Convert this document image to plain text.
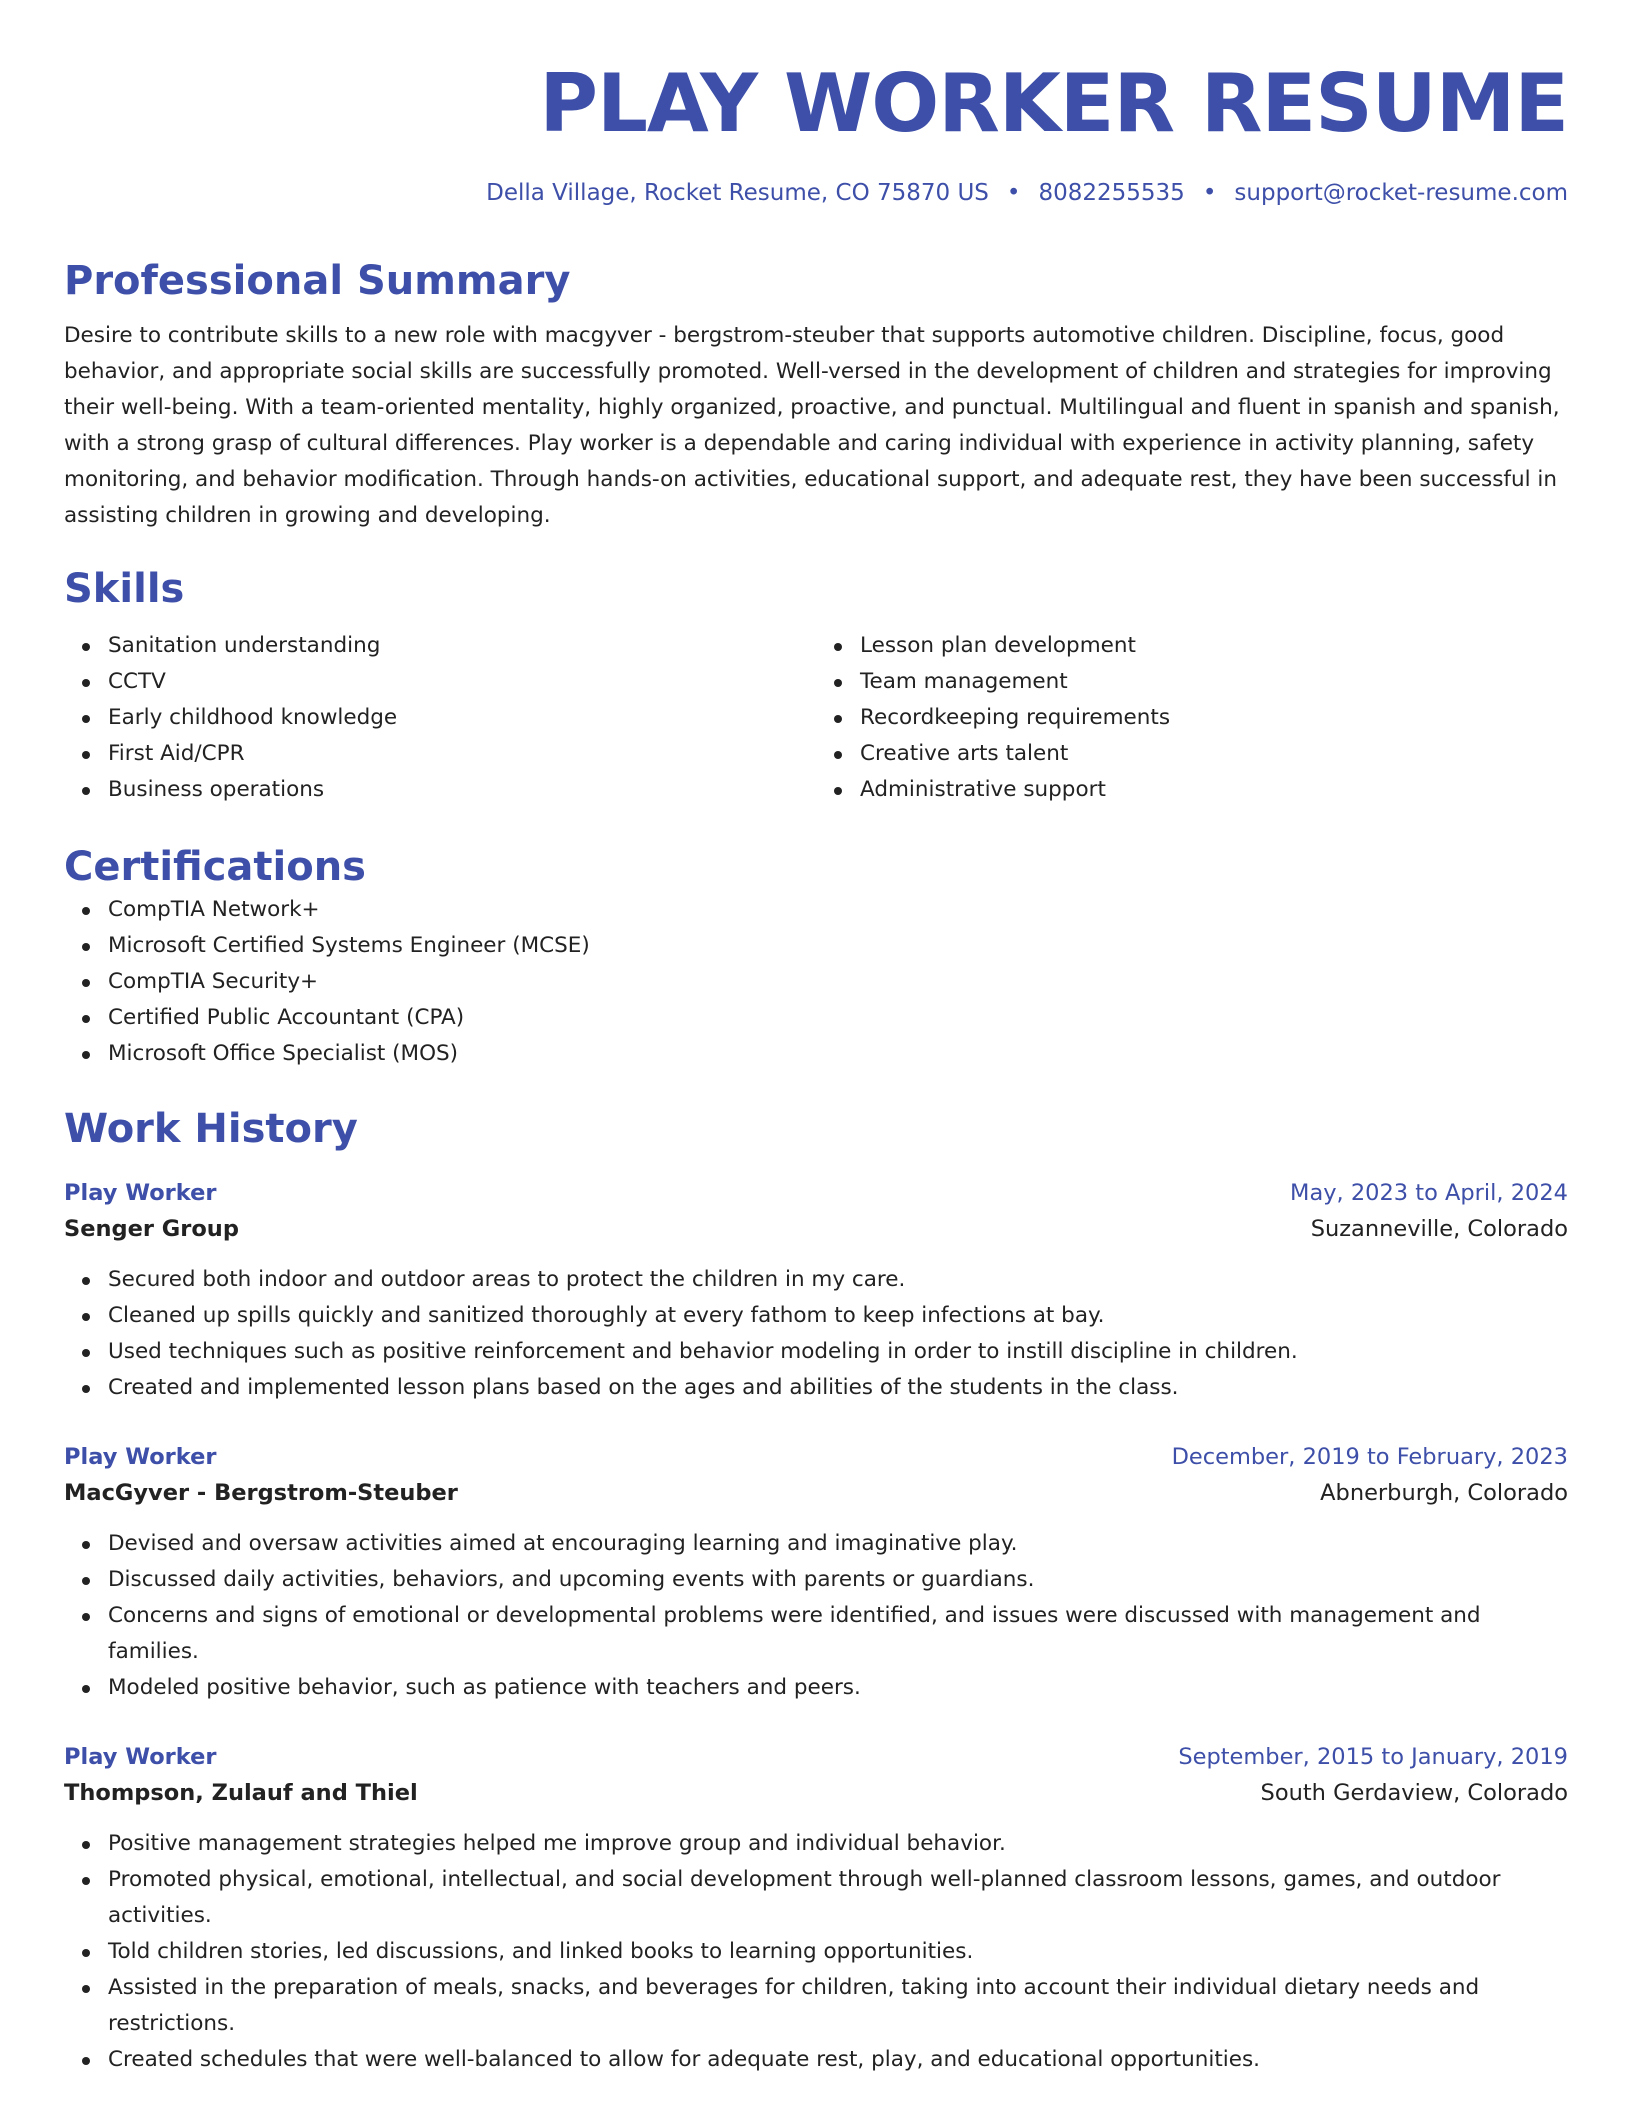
PLAY WORKER RESUME
Della Village, Rocket Resume, CO 75870 US • 8082255535 • support@rocket-resume.com
Professional Summary

Desire to contribute skills to a new role with macgyver - bergstrom-steuber that supports automotive children. Discipline, focus, good behavior, and appropriate social skills are successfully promoted. Well-versed in the development of children and strategies for improving their well-being. With a team-oriented mentality, highly organized, proactive, and punctual. Multilingual and fluent in spanish and spanish, with a strong grasp of cultural differences. Play worker is a dependable and caring individual with experience in activity planning, safety monitoring, and behavior modification. Through hands-on activities, educational support, and adequate rest, they have been successful in assisting children in growing and developing.

Skills
Sanitation understanding
CCTV
Early childhood knowledge
First Aid/CPR
Business operations
Lesson plan development
Team management
Recordkeeping requirements
Creative arts talent
Administrative support
Certifications
CompTIA Network+
Microsoft Certified Systems Engineer (MCSE)
CompTIA Security+
Certified Public Accountant (CPA)
Microsoft Office Specialist (MOS)
Work History
Play Worker	May, 2023 to April, 2024
Senger Group	Suzanneville, Colorado
Secured both indoor and outdoor areas to protect the children in my care.
Cleaned up spills quickly and sanitized thoroughly at every fathom to keep infections at bay.
Used techniques such as positive reinforcement and behavior modeling in order to instill discipline in children.
Created and implemented lesson plans based on the ages and abilities of the students in the class.
Play Worker	December, 2019 to February, 2023
MacGyver - Bergstrom-Steuber	Abnerburgh, Colorado
Devised and oversaw activities aimed at encouraging learning and imaginative play.
Discussed daily activities, behaviors, and upcoming events with parents or guardians.
Concerns and signs of emotional or developmental problems were identified, and issues were discussed with management and families.
Modeled positive behavior, such as patience with teachers and peers.
Play Worker	September, 2015 to January, 2019
Thompson, Zulauf and Thiel	South Gerdaview, Colorado
Positive management strategies helped me improve group and individual behavior.
Promoted physical, emotional, intellectual, and social development through well-planned classroom lessons, games, and outdoor activities.
Told children stories, led discussions, and linked books to learning opportunities.
Assisted in the preparation of meals, snacks, and beverages for children, taking into account their individual dietary needs and restrictions.
Created schedules that were well-balanced to allow for adequate rest, play, and educational opportunities.
